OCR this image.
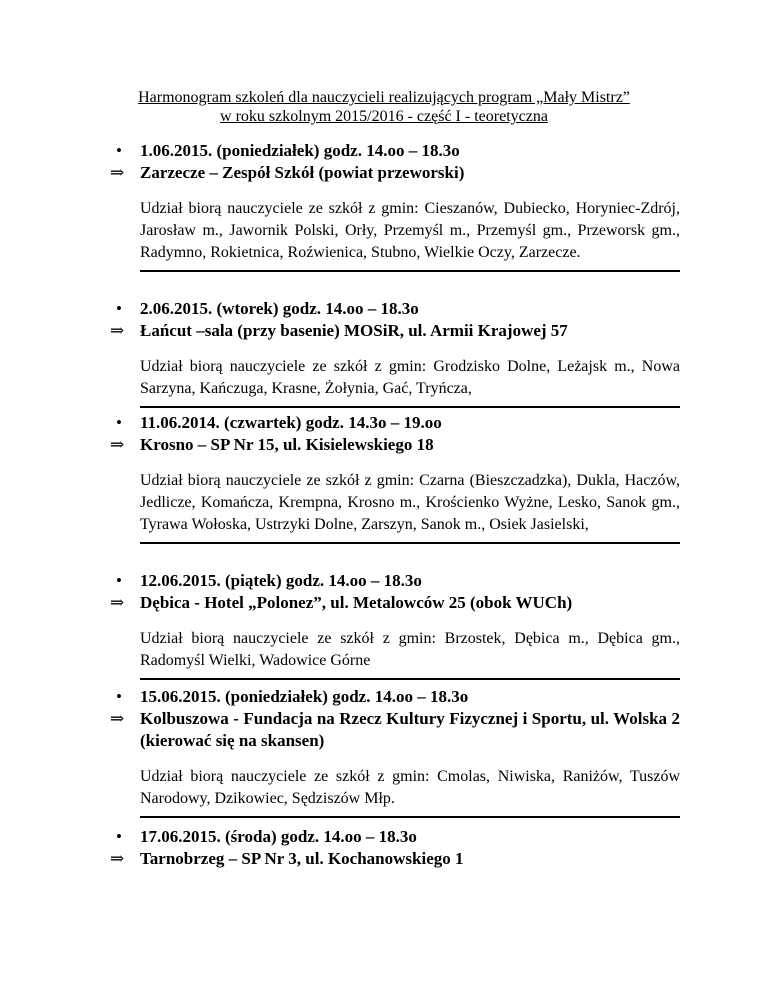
Harmonogram szkoleń dla nauczycieli realizujących program „Mały Mistrz”
w roku szkolnym 2015/2016 - część I - teoretyczna
• 1.06.2015. (poniedziałek) godz. 14.oo – 18.3o
⇒ Zarzecze – Zespół Szkół (powiat przeworski)
Udział biorą nauczyciele ze szkół z gmin: Cieszanów, Dubiecko, Horyniec-Zdrój, Jarosław m., Jawornik Polski, Orły, Przemyśl m., Przemyśl gm., Przeworsk gm., Radymno, Rokietnica, Roźwienica, Stubno, Wielkie Oczy, Zarzecze.
• 2.06.2015. (wtorek) godz. 14.oo – 18.3o
⇒ Łańcut –sala (przy basenie) MOSiR, ul. Armii Krajowej 57
Udział biorą nauczyciele ze szkół z gmin: Grodzisko Dolne, Leżajsk m., Nowa Sarzyna, Kańczuga, Krasne, Żołynia, Gać, Tryńcza,
• 11.06.2014. (czwartek) godz. 14.3o – 19.oo
⇒ Krosno – SP Nr 15, ul. Kisielewskiego 18
Udział biorą nauczyciele ze szkół z gmin: Czarna (Bieszczadzka), Dukla, Haczów, Jedlicze, Komańcza, Krempna, Krosno m., Krościenko Wyżne, Lesko, Sanok gm., Tyrawa Wołoska, Ustrzyki Dolne, Zarszyn, Sanok m., Osiek Jasielski,
• 12.06.2015. (piątek) godz. 14.oo – 18.3o
⇒ Dębica - Hotel „Polonez”, ul. Metalowców 25 (obok WUCh)
Udział biorą nauczyciele ze szkół z gmin: Brzostek, Dębica m., Dębica gm., Radomyśl Wielki, Wadowice Górne
• 15.06.2015. (poniedziałek) godz. 14.oo – 18.3o
⇒ Kolbuszowa - Fundacja na Rzecz Kultury Fizycznej i Sportu, ul. Wolska 2 (kierować się na skansen)
Udział biorą nauczyciele ze szkół z gmin: Cmolas, Niwiska, Raniżów, Tuszów Narodowy, Dzikowiec, Sędziszów Młp.
• 17.06.2015. (środa) godz. 14.oo – 18.3o
⇒ Tarnobrzeg – SP Nr 3, ul. Kochanowskiego 1
